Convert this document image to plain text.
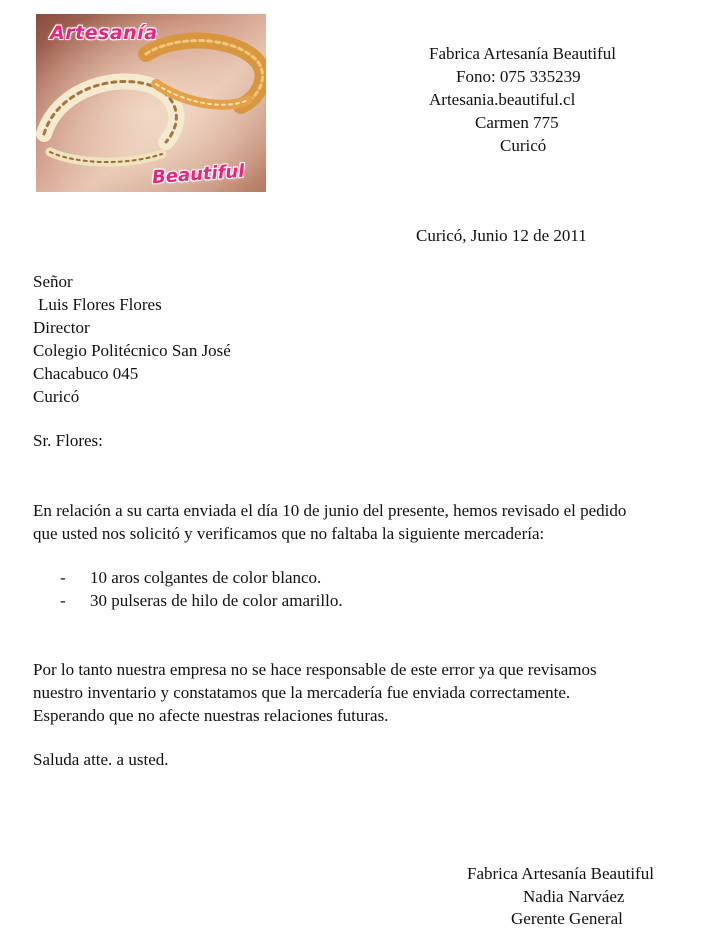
Artesanía
Beautiful
Fabrica Artesanía Beautiful
Fono: 075 335239
Artesania.beautiful.cl
Carmen 775
Curicó
Curicó, Junio 12 de 2011
Señor
Luis Flores Flores
Director
Colegio Politécnico San José
Chacabuco 045
Curicó
Sr. Flores:
En relación a su carta enviada el día 10 de junio del presente, hemos revisado el pedido
que usted nos solicitó y verificamos que no faltaba la siguiente mercadería:
- 10 aros colgantes de color blanco.
- 30 pulseras de hilo de color amarillo.
Por lo tanto nuestra empresa no se hace responsable de este error ya que revisamos
nuestro inventario y constatamos que la mercadería fue enviada correctamente.
Esperando que no afecte nuestras relaciones futuras.
Saluda atte. a usted.
Fabrica Artesanía Beautiful
Nadia Narváez
Gerente General
